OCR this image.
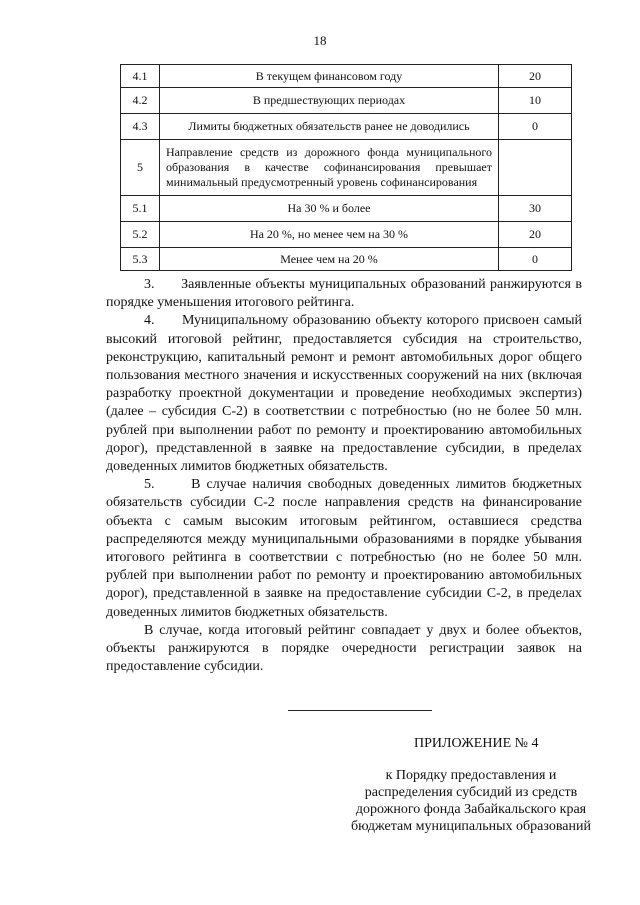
18
4.1	В текущем финансовом году	20
4.2	В предшествующих периодах	10
4.3	Лимиты бюджетных обязательств ранее не доводились	0
5	Направление средств из дорожного фонда муниципального образования в качестве софинансирования превышает минимальный предусмотренный уровень софинансирования	
5.1	На 30 % и более	30
5.2	На 20 %, но менее чем на 30 %	20
5.3	Менее чем на 20 %	0

3.      Заявленные объекты муниципальных образований ранжируются в порядке уменьшения итогового рейтинга.

4.      Муниципальному образованию объекту которого присвоен самый высокий итоговой рейтинг, предоставляется субсидия на строительство, реконструкцию, капитальный ремонт и ремонт автомобильных дорог общего пользования местного значения и искусственных сооружений на них (включая разработку проектной документации и проведение необходимых экспертиз) (далее – субсидия С-2) в соответствии с потребностью (но не более 50 млн. рублей при выполнении работ по ремонту и проектированию автомобильных дорог), представленной в заявке на предоставление субсидии, в пределах доведенных лимитов бюджетных обязательств.

5.      В случае наличия свободных доведенных лимитов бюджетных обязательств субсидии С-2 после направления средств на финансирование объекта с самым высоким итоговым рейтингом, оставшиеся средства распределяются между муниципальными образованиями в порядке убывания итогового рейтинга в соответствии с потребностью (но не более 50 млн. рублей при выполнении работ по ремонту и проектированию автомобильных дорог), представленной в заявке на предоставление субсидии С-2, в пределах доведенных лимитов бюджетных обязательств.

В случае, когда итоговый рейтинг совпадает у двух и более объектов, объекты ранжируются в порядке очередности регистрации заявок на предоставление субсидии.

ПРИЛОЖЕНИЕ № 4
к Порядку предоставления и
распределения субсидий из средств
дорожного фонда Забайкальского края
бюджетам муниципальных образований
